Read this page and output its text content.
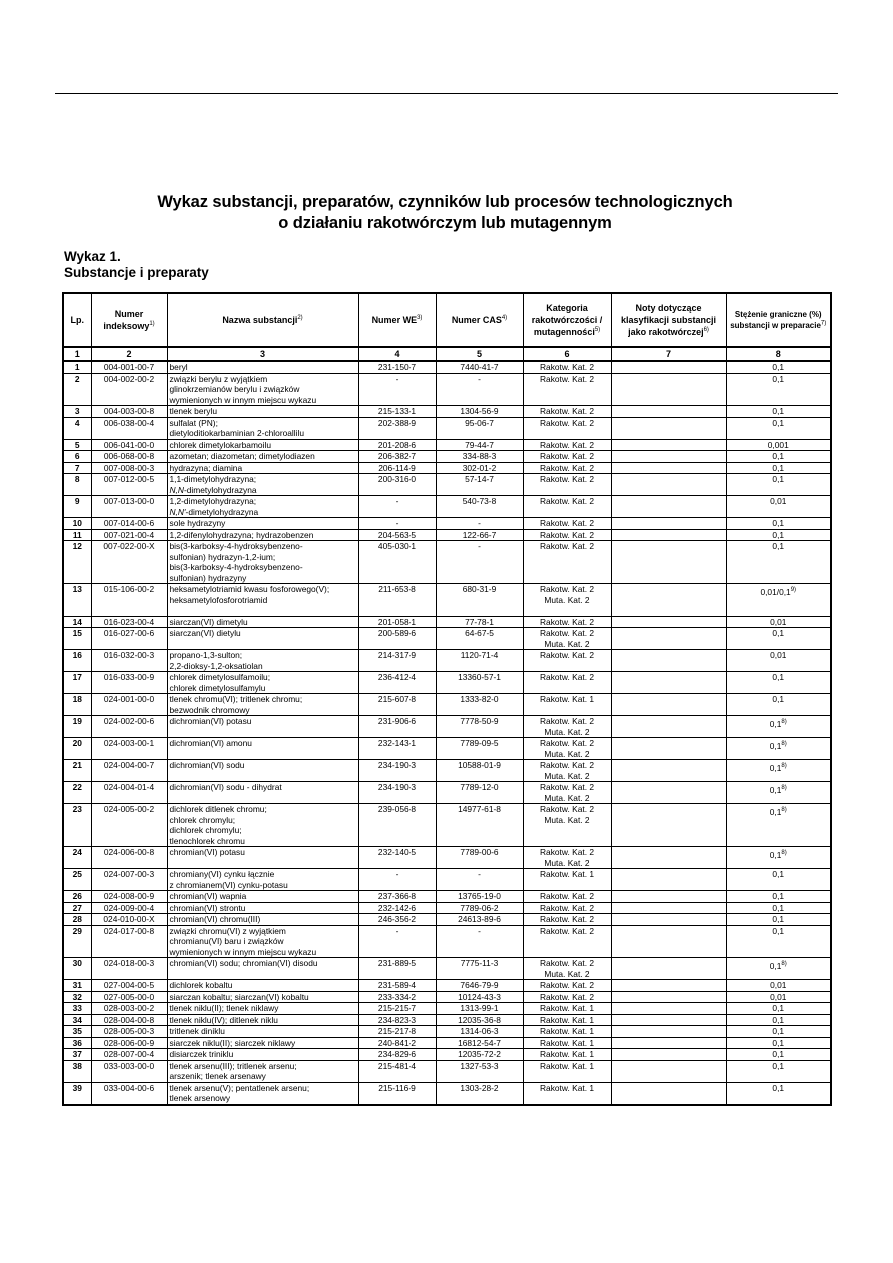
Wykaz substancji, preparatów, czynników lub procesów technologicznych
o działaniu rakotwórczym lub mutagennym
Wykaz 1.
Substancje i preparaty
Lp.	Numer indeksowy$^{1)}$	Nazwa substancji$^{2)}$	Numer WE$^{3)}$	Numer CAS$^{4)}$	Kategoria rakotwórczości / mutagenności$^{5)}$	Noty dotyczące klasyfikacji substancji jako rakotwórczej$^{6)}$	Stężenie graniczne (%) substancji w preparacie$^{7)}$
1	2	3	4	5	6	7	8
1	004-001-00-7	beryl	231-150-7	7440-41-7	Rakotw. Kat. 2		0,1
2	004-002-00-2	związki berylu z wyjątkiem
glinokrzemianów berylu i związków
wymienionych w innym miejscu wykazu	-	-	Rakotw. Kat. 2		0,1
3	004-003-00-8	tlenek berylu	215-133-1	1304-56-9	Rakotw. Kat. 2		0,1
4	006-038-00-4	sulfalat (PN);
dietyloditiokarbaminian 2-chloroallilu	202-388-9	95-06-7	Rakotw. Kat. 2		0,1
5	006-041-00-0	chlorek dimetylokarbamoilu	201-208-6	79-44-7	Rakotw. Kat. 2		0,001
6	006-068-00-8	azometan; diazometan; dimetylodiazen	206-382-7	334-88-3	Rakotw. Kat. 2		0,1
7	007-008-00-3	hydrazyna; diamina	206-114-9	302-01-2	Rakotw. Kat. 2		0,1
8	007-012-00-5	1,1-dimetylohydrazyna;
N,N-dimetylohydrazyna	200-316-0	57-14-7	Rakotw. Kat. 2		0,1
9	007-013-00-0	1,2-dimetylohydrazyna;
N,N'-dimetylohydrazyna	-	540-73-8	Rakotw. Kat. 2		0,01
10	007-014-00-6	sole hydrazyny	-	-	Rakotw. Kat. 2		0,1
11	007-021-00-4	1,2-difenylohydrazyna; hydrazobenzen	204-563-5	122-66-7	Rakotw. Kat. 2		0,1
12	007-022-00-X	bis(3-karboksy-4-hydroksybenzeno-
sulfonian) hydrazyn-1,2-ium;
bis(3-karboksy-4-hydroksybenzeno-
sulfonian) hydrazyny	405-030-1	-	Rakotw. Kat. 2		0,1
13	015-106-00-2	heksametylotriamid kwasu fosforowego(V);
heksametylofosforotriamid	211-653-8	680-31-9	Rakotw. Kat. 2
Muta. Kat. 2		0,01/0,1$^{9)}$
14	016-023-00-4	siarczan(VI) dimetylu	201-058-1	77-78-1	Rakotw. Kat. 2		0,01
15	016-027-00-6	siarczan(VI) dietylu	200-589-6	64-67-5	Rakotw. Kat. 2
Muta. Kat. 2		0,1
16	016-032-00-3	propano-1,3-sulton;
2,2-dioksy-1,2-oksatiolan	214-317-9	1120-71-4	Rakotw. Kat. 2		0,01
17	016-033-00-9	chlorek dimetylosulfamoilu;
chlorek dimetylosulfamylu	236-412-4	13360-57-1	Rakotw. Kat. 2		0,1
18	024-001-00-0	tlenek chromu(VI); tritlenek chromu;
bezwodnik chromowy	215-607-8	1333-82-0	Rakotw. Kat. 1		0,1
19	024-002-00-6	dichromian(VI) potasu	231-906-6	7778-50-9	Rakotw. Kat. 2
Muta. Kat. 2		0,1$^{8)}$
20	024-003-00-1	dichromian(VI) amonu	232-143-1	7789-09-5	Rakotw. Kat. 2
Muta. Kat. 2		0,1$^{8)}$
21	024-004-00-7	dichromian(VI) sodu	234-190-3	10588-01-9	Rakotw. Kat. 2
Muta. Kat. 2		0,1$^{8)}$
22	024-004-01-4	dichromian(VI) sodu - dihydrat	234-190-3	7789-12-0	Rakotw. Kat. 2
Muta. Kat. 2		0,1$^{8)}$
23	024-005-00-2	dichlorek ditlenek chromu;
chlorek chromylu;
dichlorek chromylu;
tlenochlorek chromu	239-056-8	14977-61-8	Rakotw. Kat. 2
Muta. Kat. 2		0,1$^{8)}$
24	024-006-00-8	chromian(VI) potasu	232-140-5	7789-00-6	Rakotw. Kat. 2
Muta. Kat. 2		0,1$^{8)}$
25	024-007-00-3	chromiany(VI) cynku łącznie
z chromianem(VI) cynku-potasu	-	-	Rakotw. Kat. 1		0,1
26	024-008-00-9	chromian(VI) wapnia	237-366-8	13765-19-0	Rakotw. Kat. 2		0,1
27	024-009-00-4	chromian(VI) strontu	232-142-6	7789-06-2	Rakotw. Kat. 2		0,1
28	024-010-00-X	chromian(VI) chromu(III)	246-356-2	24613-89-6	Rakotw. Kat. 2		0,1
29	024-017-00-8	związki chromu(VI) z wyjątkiem
chromianu(VI) baru i związków
wymienionych w innym miejscu wykazu	-	-	Rakotw. Kat. 2		0,1
30	024-018-00-3	chromian(VI) sodu; chromian(VI) disodu	231-889-5	7775-11-3	Rakotw. Kat. 2
Muta. Kat. 2		0,1$^{8)}$
31	027-004-00-5	dichlorek kobaltu	231-589-4	7646-79-9	Rakotw. Kat. 2		0,01
32	027-005-00-0	siarczan kobaltu; siarczan(VI) kobaltu	233-334-2	10124-43-3	Rakotw. Kat. 2		0,01
33	028-003-00-2	tlenek niklu(II); tlenek niklawy	215-215-7	1313-99-1	Rakotw. Kat. 1		0,1
34	028-004-00-8	tlenek niklu(IV); ditlenek niklu	234-823-3	12035-36-8	Rakotw. Kat. 1		0,1
35	028-005-00-3	tritlenek diniklu	215-217-8	1314-06-3	Rakotw. Kat. 1		0,1
36	028-006-00-9	siarczek niklu(II); siarczek niklawy	240-841-2	16812-54-7	Rakotw. Kat. 1		0,1
37	028-007-00-4	disiarczek triniklu	234-829-6	12035-72-2	Rakotw. Kat. 1		0,1
38	033-003-00-0	tlenek arsenu(III); tritlenek arsenu;
arszenik; tlenek arsenawy	215-481-4	1327-53-3	Rakotw. Kat. 1		0,1
39	033-004-00-6	tlenek arsenu(V); pentatlenek arsenu;
tlenek arsenowy	215-116-9	1303-28-2	Rakotw. Kat. 1		0,1
